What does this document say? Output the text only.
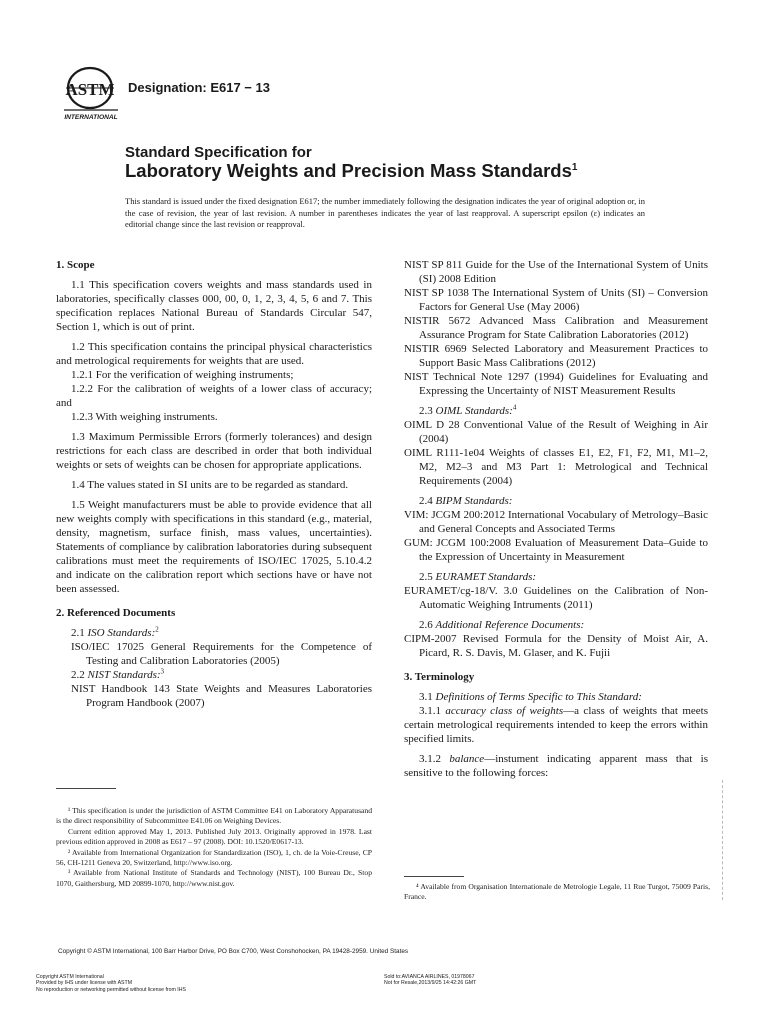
ASTM
INTERNATIONAL
Designation: E617 − 13
Standard Specification for
Laboratory Weights and Precision Mass Standards$^1$
This standard is issued under the fixed designation E617; the number immediately following the designation indicates the year of original adoption or, in the case of revision, the year of last revision. A number in parentheses indicates the year of last reapproval. A superscript epsilon (ε) indicates an editorial change since the last revision or reapproval.
1. Scope

1.1 This specification covers weights and mass standards used in laboratories, specifically classes 000, 00, 0, 1, 2, 3, 4, 5, 6 and 7. This specification replaces National Bureau of Standards Circular 547, Section 1, which is out of print.

1.2 This specification contains the principal physical characteristics and metrological requirements for weights that are used.

1.2.1 For the verification of weighing instruments;

1.2.2 For the calibration of weights of a lower class of accuracy; and

1.2.3 With weighing instruments.

1.3 Maximum Permissible Errors (formerly tolerances) and design restrictions for each class are described in order that both individual weights or sets of weights can be chosen for appropriate applications.

1.4 The values stated in SI units are to be regarded as standard.

1.5 Weight manufacturers must be able to provide evidence that all new weights comply with specifications in this standard (e.g., material, density, magnetism, surface finish, mass values, uncertainties). Statements of compliance by calibration laboratories during subsequent calibrations must meet the requirements of ISO/IEC 17025, 5.10.4.2 and indicate on the calibration report which sections have or have not been assessed.

2. Referenced Documents

2.1 ISO Standards:$^2$

ISO/IEC 17025 General Requirements for the Competence of Testing and Calibration Laboratories (2005)

2.2 NIST Standards:$^3$

NIST Handbook 143 State Weights and Measures Laboratories Program Handbook (2007)

NIST SP 811 Guide for the Use of the International System of Units (SI) 2008 Edition

NIST SP 1038 The International System of Units (SI) – Conversion Factors for General Use (May 2006)

NISTIR 5672 Advanced Mass Calibration and Measurement Assurance Program for State Calibration Laboratories (2012)

NISTIR 6969 Selected Laboratory and Measurement Practices to Support Basic Mass Calibrations (2012)

NIST Technical Note 1297 (1994) Guidelines for Evaluating and Expressing the Uncertainty of NIST Measurement Results

2.3 OIML Standards:$^4$

OIML D 28 Conventional Value of the Result of Weighing in Air (2004)

OIML R111-1e04 Weights of classes E1, E2, F1, F2, M1, M1–2, M2, M2–3 and M3 Part 1: Metrological and Technical Requirements (2004)

2.4 BIPM Standards:

VIM: JCGM 200:2012 International Vocabulary of Metrology–Basic and General Concepts and Associated Terms

GUM: JCGM 100:2008 Evaluation of Measurement Data–Guide to the Expression of Uncertainty in Measurement

2.5 EURAMET Standards:

EURAMET/cg-18/V. 3.0 Guidelines on the Calibration of Non-Automatic Weighing Intruments (2011)

2.6 Additional Reference Documents:

CIPM-2007 Revised Formula for the Density of Moist Air, A. Picard, R. S. Davis, M. Glaser, and K. Fujii

3. Terminology

3.1 Definitions of Terms Specific to This Standard:

3.1.1 accuracy class of weights—a class of weights that meets certain metrological requirements intended to keep the errors within specified limits.

3.1.2 balance—instument indicating apparent mass that is sensitive to the following forces:

¹ This specification is under the jurisdiction of ASTM Committee E41 on Laboratory Apparatusand is the direct responsibility of Subcommittee E41.06 on Weighing Devices.

Current edition approved May 1, 2013. Published July 2013. Originally approved in 1978. Last previous edition approved in 2008 as E617 – 97 (2008). DOI: 10.1520/E0617-13.

² Available from International Organization for Standardization (ISO), 1, ch. de la Voie-Creuse, CP 56, CH-1211 Geneva 20, Switzerland, http://www.iso.org.

³ Available from National Institute of Standards and Technology (NIST), 100 Bureau Dr., Stop 1070, Gaithersburg, MD 20899-1070, http://www.nist.gov.	⁴ Available from Organisation Internationale de Metrologie Legale, 11 Rue Turgot, 75009 Paris, France.

Copyright © ASTM International, 100 Barr Harbor Drive, PO Box C700, West Conshohocken, PA 19428-2959. United States
Copyright ASTM International
Provided by IHS under license with ASTM
No reproduction or networking permitted without license from IHS
Sold to:AVIANCA AIRLINES, 01978067
Not for Resale,2013/9/25 14:42:26 GMT
